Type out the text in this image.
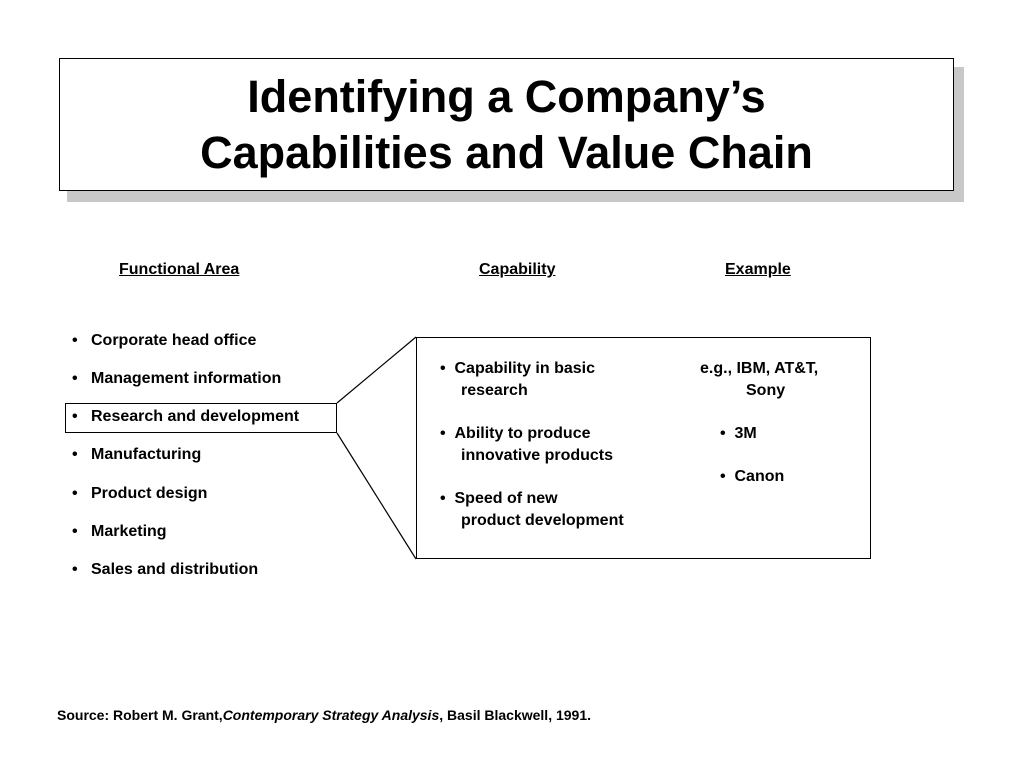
Identifying a Company’s
Capabilities and Value Chain
Functional Area	Capability	Example
• Corporate head office
• Management information
• Research and development
• Manufacturing
• Product design
• Marketing
• Sales and distribution
• Capability in basic
research
• Ability to produce
innovative products
• Speed of new
product development
e.g., IBM, AT&T,
Sony
• 3M
• Canon
Source: Robert M. Grant,Contemporary Strategy Analysis, Basil Blackwell, 1991.
